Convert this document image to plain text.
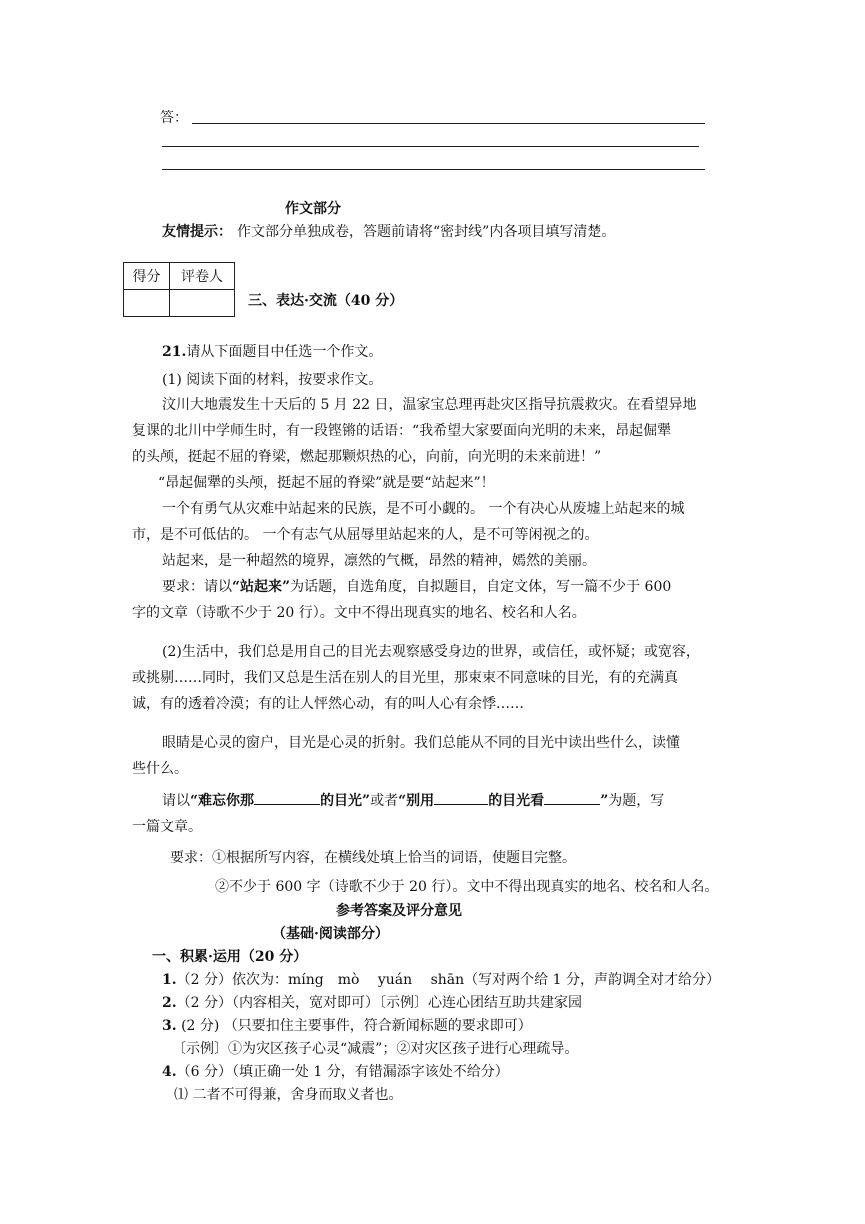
答：
作文部分
友情提示： 作文部分单独成卷，答题前请将“密封线”内各项目填写清楚。
得分	评卷人

三、表达·交流（40 分）
21.请从下面题目中任选一个作文。
(1) 阅读下面的材料，按要求作文。
汶川大地震发生十天后的 5 月 22 日，温家宝总理再赴灾区指导抗震救灾。在看望异地
复课的北川中学师生时，有一段铿锵的话语：“我希望大家要面向光明的未来，昂起倔犟
的头颅，挺起不屈的脊梁，燃起那颗炽热的心，向前，向光明的未来前进！”
“昂起倔犟的头颅，挺起不屈的脊梁”就是要“站起来”！
一个有勇气从灾难中站起来的民族，是不可小觑的。 一个有决心从废墟上站起来的城
市，是不可低估的。 一个有志气从屈辱里站起来的人，是不可等闲视之的。
站起来，是一种超然的境界，凛然的气概，昂然的精神，嫣然的美丽。
要求：请以“站起来”为话题，自选角度，自拟题目，自定文体，写一篇不少于 600
字的文章（诗歌不少于 20 行）。文中不得出现真实的地名、校名和人名。
(2)生活中，我们总是用自己的目光去观察感受身边的世界，或信任，或怀疑；或宽容，
或挑剔……同时，我们又总是生活在别人的目光里，那束束不同意味的目光，有的充满真
诚，有的透着冷漠；有的让人怦然心动，有的叫人心有余悸……
眼睛是心灵的窗户，目光是心灵的折射。我们总能从不同的目光中读出些什么，读懂
些什么。
请以“难忘你那	的目光”或者“别用	的目光看	”为题，写
一篇文章。
要求：①根据所写内容，在横线处填上恰当的词语，使题目完整。
②不少于 600 字（诗歌不少于 20 行）。文中不得出现真实的地名、校名和人名。
参考答案及评分意见
（基础·阅读部分）
一、积累·运用（20 分）
1.（2 分）依次为：míng　mò　 yuán　 shān（写对两个给 1 分，声韵调全对才给分）
2.（2 分）（内容相关，宽对即可）〔示例〕心连心团结互助共建家园
3. (2 分) （只要扣住主要事件，符合新闻标题的要求即可）
〔示例〕①为灾区孩子心灵“减震”；②对灾区孩子进行心理疏导。
4.（6 分）（填正确一处 1 分，有错漏添字该处不给分）
⑴ 二者不可得兼，舍身而取义者也。
